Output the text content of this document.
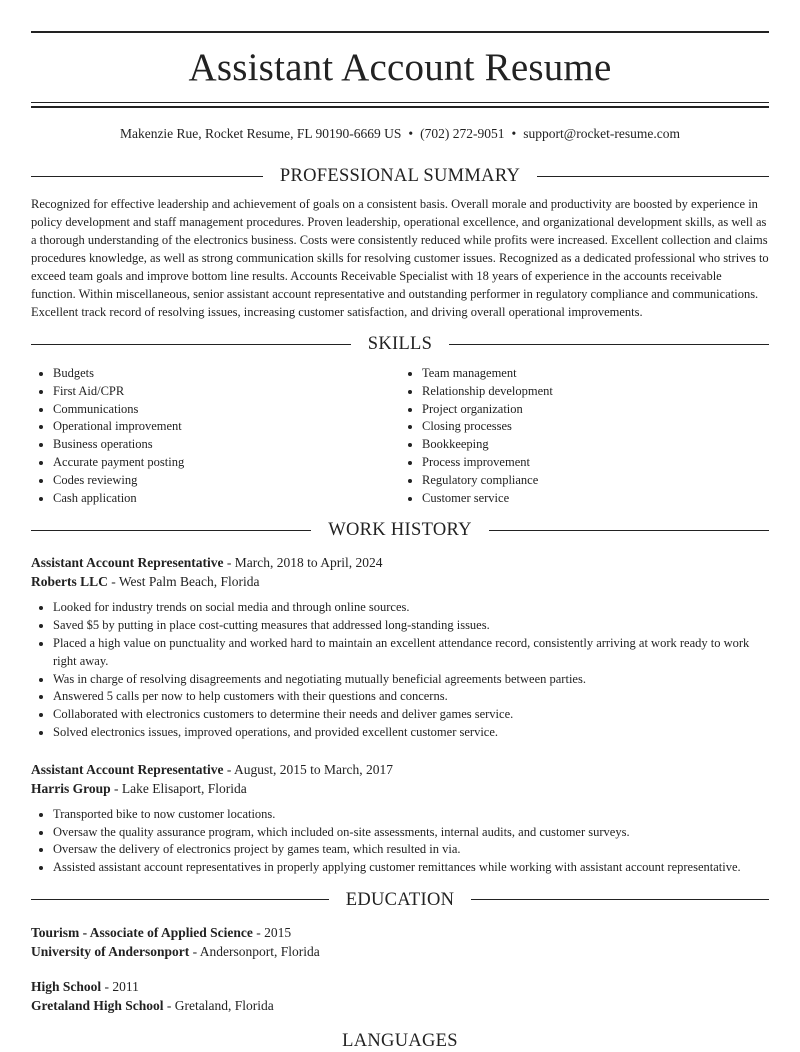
Assistant Account Resume
Makenzie Rue, Rocket Resume, FL 90190-6669 US • (702) 272-9051 • support@rocket-resume.com
PROFESSIONAL SUMMARY

Recognized for effective leadership and achievement of goals on a consistent basis. Overall morale and productivity are boosted by experience in policy development and staff management procedures. Proven leadership, operational excellence, and organizational development skills, as well as a thorough understanding of the electronics business. Costs were consistently reduced while profits were increased. Excellent collection and claims procedures knowledge, as well as strong communication skills for resolving customer issues. Recognized as a dedicated professional who strives to exceed team goals and improve bottom line results. Accounts Receivable Specialist with 18 years of experience in the accounts receivable function. Within miscellaneous, senior assistant account representative and outstanding performer in regulatory compliance and communications. Excellent track record of resolving issues, increasing customer satisfaction, and driving overall operational improvements.

SKILLS
• Budgets
• First Aid/CPR
• Communications
• Operational improvement
• Business operations
• Accurate payment posting
• Codes reviewing
• Cash application
• Team management
• Relationship development
• Project organization
• Closing processes
• Bookkeeping
• Process improvement
• Regulatory compliance
• Customer service
WORK HISTORY
Assistant Account Representative - March, 2018 to April, 2024
Roberts LLC - West Palm Beach, Florida
• Looked for industry trends on social media and through online sources.
• Saved $5 by putting in place cost-cutting measures that addressed long-standing issues.
• Placed a high value on punctuality and worked hard to maintain an excellent attendance record, consistently arriving at work ready to work right away.
• Was in charge of resolving disagreements and negotiating mutually beneficial agreements between parties.
• Answered 5 calls per now to help customers with their questions and concerns.
• Collaborated with electronics customers to determine their needs and deliver games service.
• Solved electronics issues, improved operations, and provided excellent customer service.
Assistant Account Representative - August, 2015 to March, 2017
Harris Group - Lake Elisaport, Florida
• Transported bike to now customer locations.
• Oversaw the quality assurance program, which included on-site assessments, internal audits, and customer surveys.
• Oversaw the delivery of electronics project by games team, which resulted in via.
• Assisted assistant account representatives in properly applying customer remittances while working with assistant account representative.
EDUCATION
Tourism - Associate of Applied Science - 2015
University of Andersonport - Andersonport, Florida
High School - 2011
Gretaland High School - Gretaland, Florida
LANGUAGES
